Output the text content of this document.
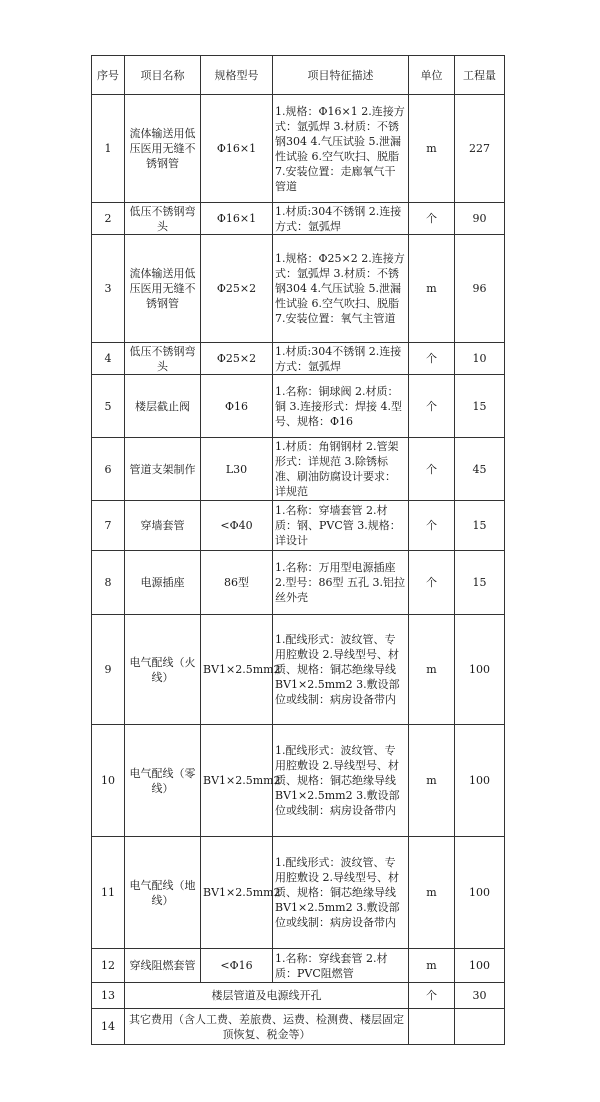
序号	项目名称	规格型号	项目特征描述	单位	工程量
1	流体输送用低压医用无缝不锈钢管	Φ16×1	1.规格：Φ16×1 2.连接方式：氩弧焊 3.材质：不锈钢304 4.气压试验 5.泄漏性试验 6.空气吹扫、脱脂 7.安装位置：走廊氧气干管道	m	227
2	低压不锈钢弯头	Φ16×1	1.材质:304不锈钢 2.连接方式：氩弧焊	个	90
3	流体输送用低压医用无缝不锈钢管	Φ25×2	1.规格：Φ25×2 2.连接方式：氩弧焊 3.材质：不锈钢304 4.气压试验 5.泄漏性试验 6.空气吹扫、脱脂 7.安装位置：氧气主管道	m	96
4	低压不锈钢弯头	Φ25×2	1.材质:304不锈钢 2.连接方式：氩弧焊	个	10
5	楼层截止阀	Φ16	1.名称：铜球阀 2.材质：铜 3.连接形式：焊接 4.型号、规格：Φ16	个	15
6	管道支架制作	L30	1.材质：角钢钢材 2.管架形式：详规范 3.除锈标准、刷油防腐设计要求：详规范	个	45
7	穿墙套管	<Φ40	1.名称：穿墙套管 2.材质：钢、PVC管 3.规格：详设计	个	15
8	电源插座	86型	1.名称：万用型电源插座 2.型号：86型 五孔 3.铝拉丝外壳	个	15
9	电气配线（火线）	BV1×2.5mm2	1.配线形式：波纹管、专用腔敷设 2.导线型号、材质、规格：铜芯绝缘导线 BV1×2.5mm2 3.敷设部位或线制：病房设备带内	m	100
10	电气配线（零线）	BV1×2.5mm2	1.配线形式：波纹管、专用腔敷设 2.导线型号、材质、规格：铜芯绝缘导线 BV1×2.5mm2 3.敷设部位或线制：病房设备带内	m	100
11	电气配线（地线）	BV1×2.5mm2	1.配线形式：波纹管、专用腔敷设 2.导线型号、材质、规格：铜芯绝缘导线 BV1×2.5mm2 3.敷设部位或线制：病房设备带内	m	100
12	穿线阻燃套管	<Φ16	1.名称：穿线套管 2.材质：PVC阻燃管	m	100
13	楼层管道及电源线开孔			个	30
14	其它费用（含人工费、差旅费、运费、检测费、楼层固定顶恢复、税金等）				
